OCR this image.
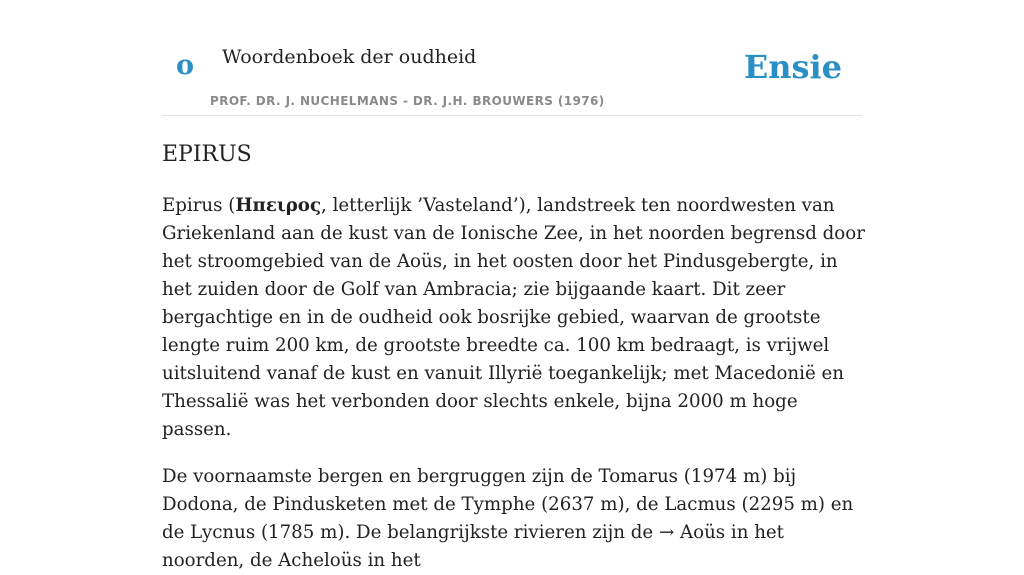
o Woordenboek der oudheid
PROF. DR. J. NUCHELMANS - DR. J.H. BROUWERS (1976)
Ensie
EPIRUS

Epirus (Ηπειρος, letterlijk ’Vasteland’), landstreek ten noordwesten van Griekenland aan de kust van de Ionische Zee, in het noorden begrensd door het stroomgebied van de Aoüs, in het oosten door het Pindusgebergte, in het zuiden door de Golf van Ambracia; zie bijgaande kaart. Dit zeer bergachtige en in de oudheid ook bosrijke gebied, waarvan de grootste lengte ruim 200 km, de grootste breedte ca. 100 km bedraagt, is vrijwel uitsluitend vanaf de kust en vanuit Illyrië toegankelijk; met Macedonië en Thessalië was het verbonden door slechts enkele, bijna 2000 m hoge passen.

De voornaamste bergen en bergruggen zijn de Tomarus (1974 m) bij Dodona, de Pindusketen met de Tymphe (2637 m), de Lacmus (2295 m) en de Lycnus (1785 m). De belangrijkste rivieren zijn de → Aoüs in het noorden, de Acheloüs in het
